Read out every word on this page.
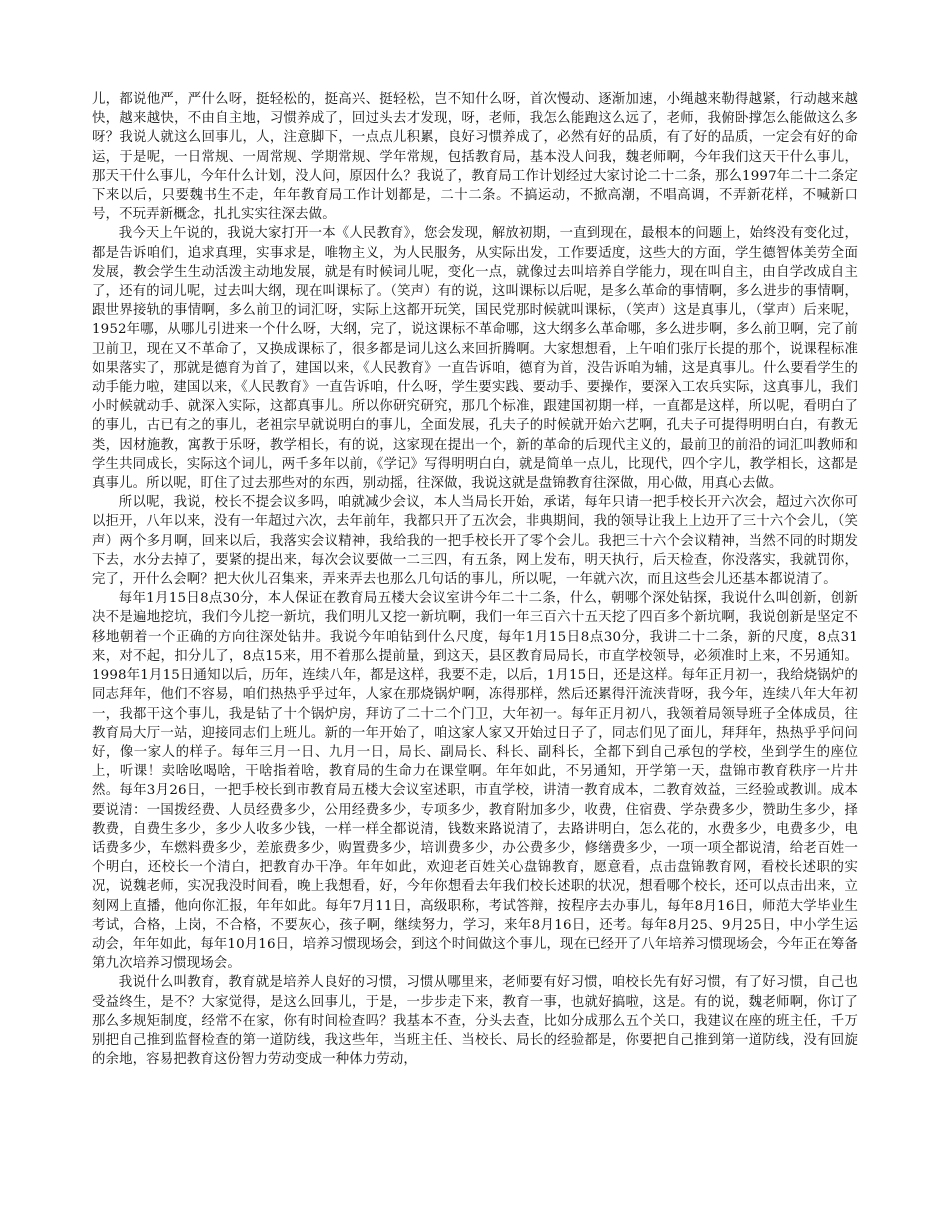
儿，都说他严，严什么呀，挺轻松的，挺高兴、挺轻松，岂不知什么呀，首次慢动、逐渐加速，小绳越来勒得越紧，行动越来越快，越来越快，不由自主地，习惯养成了，回过头去才发现，呀，老师，我怎么能跑这么远了，老师，我俯卧撑怎么能做这么多呀？我说人就这么回事儿，人，注意脚下，一点点儿积累，良好习惯养成了，必然有好的品质，有了好的品质，一定会有好的命运，于是呢，一日常规、一周常规、学期常规、学年常规，包括教育局，基本没人问我，魏老师啊，今年我们这天干什么事儿，那天干什么事儿，今年什么计划，没人问，原因什么？我说了，教育局工作计划经过大家讨论二十二条，那么1997年二十二条定下来以后，只要魏书生不走，年年教育局工作计划都是，二十二条。不搞运动，不掀高潮，不唱高调，不弄新花样，不喊新口号，不玩弄新概念，扎扎实实往深去做。

我今天上午说的，我说大家打开一本《人民教育》，您会发现，解放初期，一直到现在，最根本的问题上，始终没有变化过，都是告诉咱们，追求真理，实事求是，唯物主义，为人民服务，从实际出发，工作要适度，这些大的方面，学生德智体美劳全面发展，教会学生生动活泼主动地发展，就是有时候词儿呢，变化一点，就像过去叫培养自学能力，现在叫自主，由自学改成自主了，还有的词儿呢，过去叫大纲，现在叫课标了。（笑声）有的说，这叫课标以后呢，是多么革命的事情啊，多么进步的事情啊，跟世界接轨的事情啊，多么前卫的词汇呀，实际上这都开玩笑，国民党那时候就叫课标，（笑声）这是真事儿，（掌声）后来呢，1952年哪，从哪儿引进来一个什么呀，大纲，完了，说这课标不革命哪，这大纲多么革命哪，多么进步啊，多么前卫啊，完了前卫前卫，现在又不革命了，又换成课标了，很多都是词儿这么来回折腾啊。大家想想看，上午咱们张厅长提的那个，说课程标准如果落实了，那就是德育为首了，建国以来，《人民教育》一直告诉咱，德育为首，没告诉咱为辅，这是真事儿。什么要看学生的动手能力啦，建国以来，《人民教育》一直告诉咱，什么呀，学生要实践、要动手、要操作，要深入工农兵实际，这真事儿，我们小时候就动手、就深入实际，这都真事儿。所以你研究研究，那几个标准，跟建国初期一样，一直都是这样，所以呢，看明白了的事儿，古已有之的事儿，老祖宗早就说明白的事儿，全面发展，孔夫子的时候就开始六艺啊，孔夫子可提得明明白白，有教无类，因材施教，寓教于乐呀，教学相长，有的说，这家现在提出一个，新的革命的后现代主义的，最前卫的前沿的词汇叫教师和学生共同成长，实际这个词儿，两千多年以前，《学记》写得明明白白，就是简单一点儿，比现代，四个字儿，教学相长，这都是真事儿。所以呢，盯住了过去那些对的东西，别动摇，往深做，我说这就是盘锦教育往深做，用心做，用真心去做。

所以呢，我说，校长不提会议多吗，咱就减少会议，本人当局长开始，承诺，每年只请一把手校长开六次会，超过六次你可以拒开，八年以来，没有一年超过六次，去年前年，我都只开了五次会，非典期间，我的领导让我上上边开了三十六个会儿，（笑声）两个多月啊，回来以后，我落实会议精神，我给我的一把手校长开了零个会儿。我把三十六个会议精神，当然不同的时期发下去，水分去掉了，要紧的提出来，每次会议要做一二三四，有五条，网上发布，明天执行，后天检查，你没落实，我就罚你，完了，开什么会啊？把大伙儿召集来，弄来弄去也那么几句话的事儿，所以呢，一年就六次，而且这些会儿还基本都说清了。

每年1月15日8点30分，本人保证在教育局五楼大会议室讲今年二十二条，什么，朝哪个深处钻探，我说什么叫创新，创新决不是遍地挖坑，我们今儿挖一新坑，我们明儿又挖一新坑啊，我们一年三百六十五天挖了四百多个新坑啊，我说创新是坚定不移地朝着一个正确的方向往深处钻井。我说今年咱钻到什么尺度，每年1月15日8点30分，我讲二十二条，新的尺度，8点31来，对不起，扣分儿了，8点15来，用不着那么提前量，到这天，县区教育局局长，市直学校领导，必须准时上来，不另通知。1998年1月15日通知以后，历年，连续八年，都是这样，我要不走，以后，1月15日，还是这样。每年正月初一，我给烧锅炉的同志拜年，他们不容易，咱们热热乎乎过年，人家在那烧锅炉啊，冻得那样，然后还累得汗流浃背呀，我今年，连续八年大年初一，我都干这个事儿，我是钻了十个锅炉房，拜访了二十二个门卫，大年初一。每年正月初八，我领着局领导班子全体成员，往教育局大厅一站，迎接同志们上班儿。新的一年开始了，咱这家人家又开始过日子了，同志们见了面儿，拜拜年，热热乎乎问问好，像一家人的样子。每年三月一日、九月一日，局长、副局长、科长、副科长，全都下到自己承包的学校，坐到学生的座位上，听课！卖啥吆喝啥，干啥指着啥，教育局的生命力在课堂啊。年年如此，不另通知，开学第一天，盘锦市教育秩序一片井然。每年3月26日，一把手校长到市教育局五楼大会议室述职，市直学校，讲清一教育成本，二教育效益，三经验或教训。成本要说清：一国拨经费、人员经费多少，公用经费多少，专项多少，教育附加多少，收费，住宿费、学杂费多少，赞助生多少，择教费，自费生多少，多少人收多少钱，一样一样全都说清，钱数来路说清了，去路讲明白，怎么花的，水费多少，电费多少，电话费多少，车燃料费多少，差旅费多少，购置费多少，培训费多少，办公费多少，修缮费多少，一项一项全都说清，给老百姓一个明白，还校长一个清白，把教育办干净。年年如此，欢迎老百姓关心盘锦教育，愿意看，点击盘锦教育网，看校长述职的实况，说魏老师，实况我没时间看，晚上我想看，好，今年你想看去年我们校长述职的状况，想看哪个校长，还可以点击出来，立刻网上直播，他向你汇报，年年如此。每年7月11日，高级职称，考试答辩，按程序去办事儿，每年8月16日，师范大学毕业生考试，合格，上岗，不合格，不要灰心，孩子啊，继续努力，学习，来年8月16日，还考。每年8月25、9月25日，中小学生运动会，年年如此，每年10月16日，培养习惯现场会，到这个时间做这个事儿，现在已经开了八年培养习惯现场会，今年正在筹备第九次培养习惯现场会。

我说什么叫教育，教育就是培养人良好的习惯，习惯从哪里来，老师要有好习惯，咱校长先有好习惯，有了好习惯，自己也受益终生，是不？大家觉得，是这么回事儿，于是，一步步走下来，教育一事，也就好搞啦，这是。有的说，魏老师啊，你订了那么多规矩制度，经常不在家，你有时间检查吗？我基本不查，分头去查，比如分成那么五个关口，我建议在座的班主任，千万别把自己推到监督检查的第一道防线，我这些年，当班主任、当校长、局长的经验都是，你要把自己推到第一道防线，没有回旋的余地，容易把教育这份智力劳动变成一种体力劳动，
